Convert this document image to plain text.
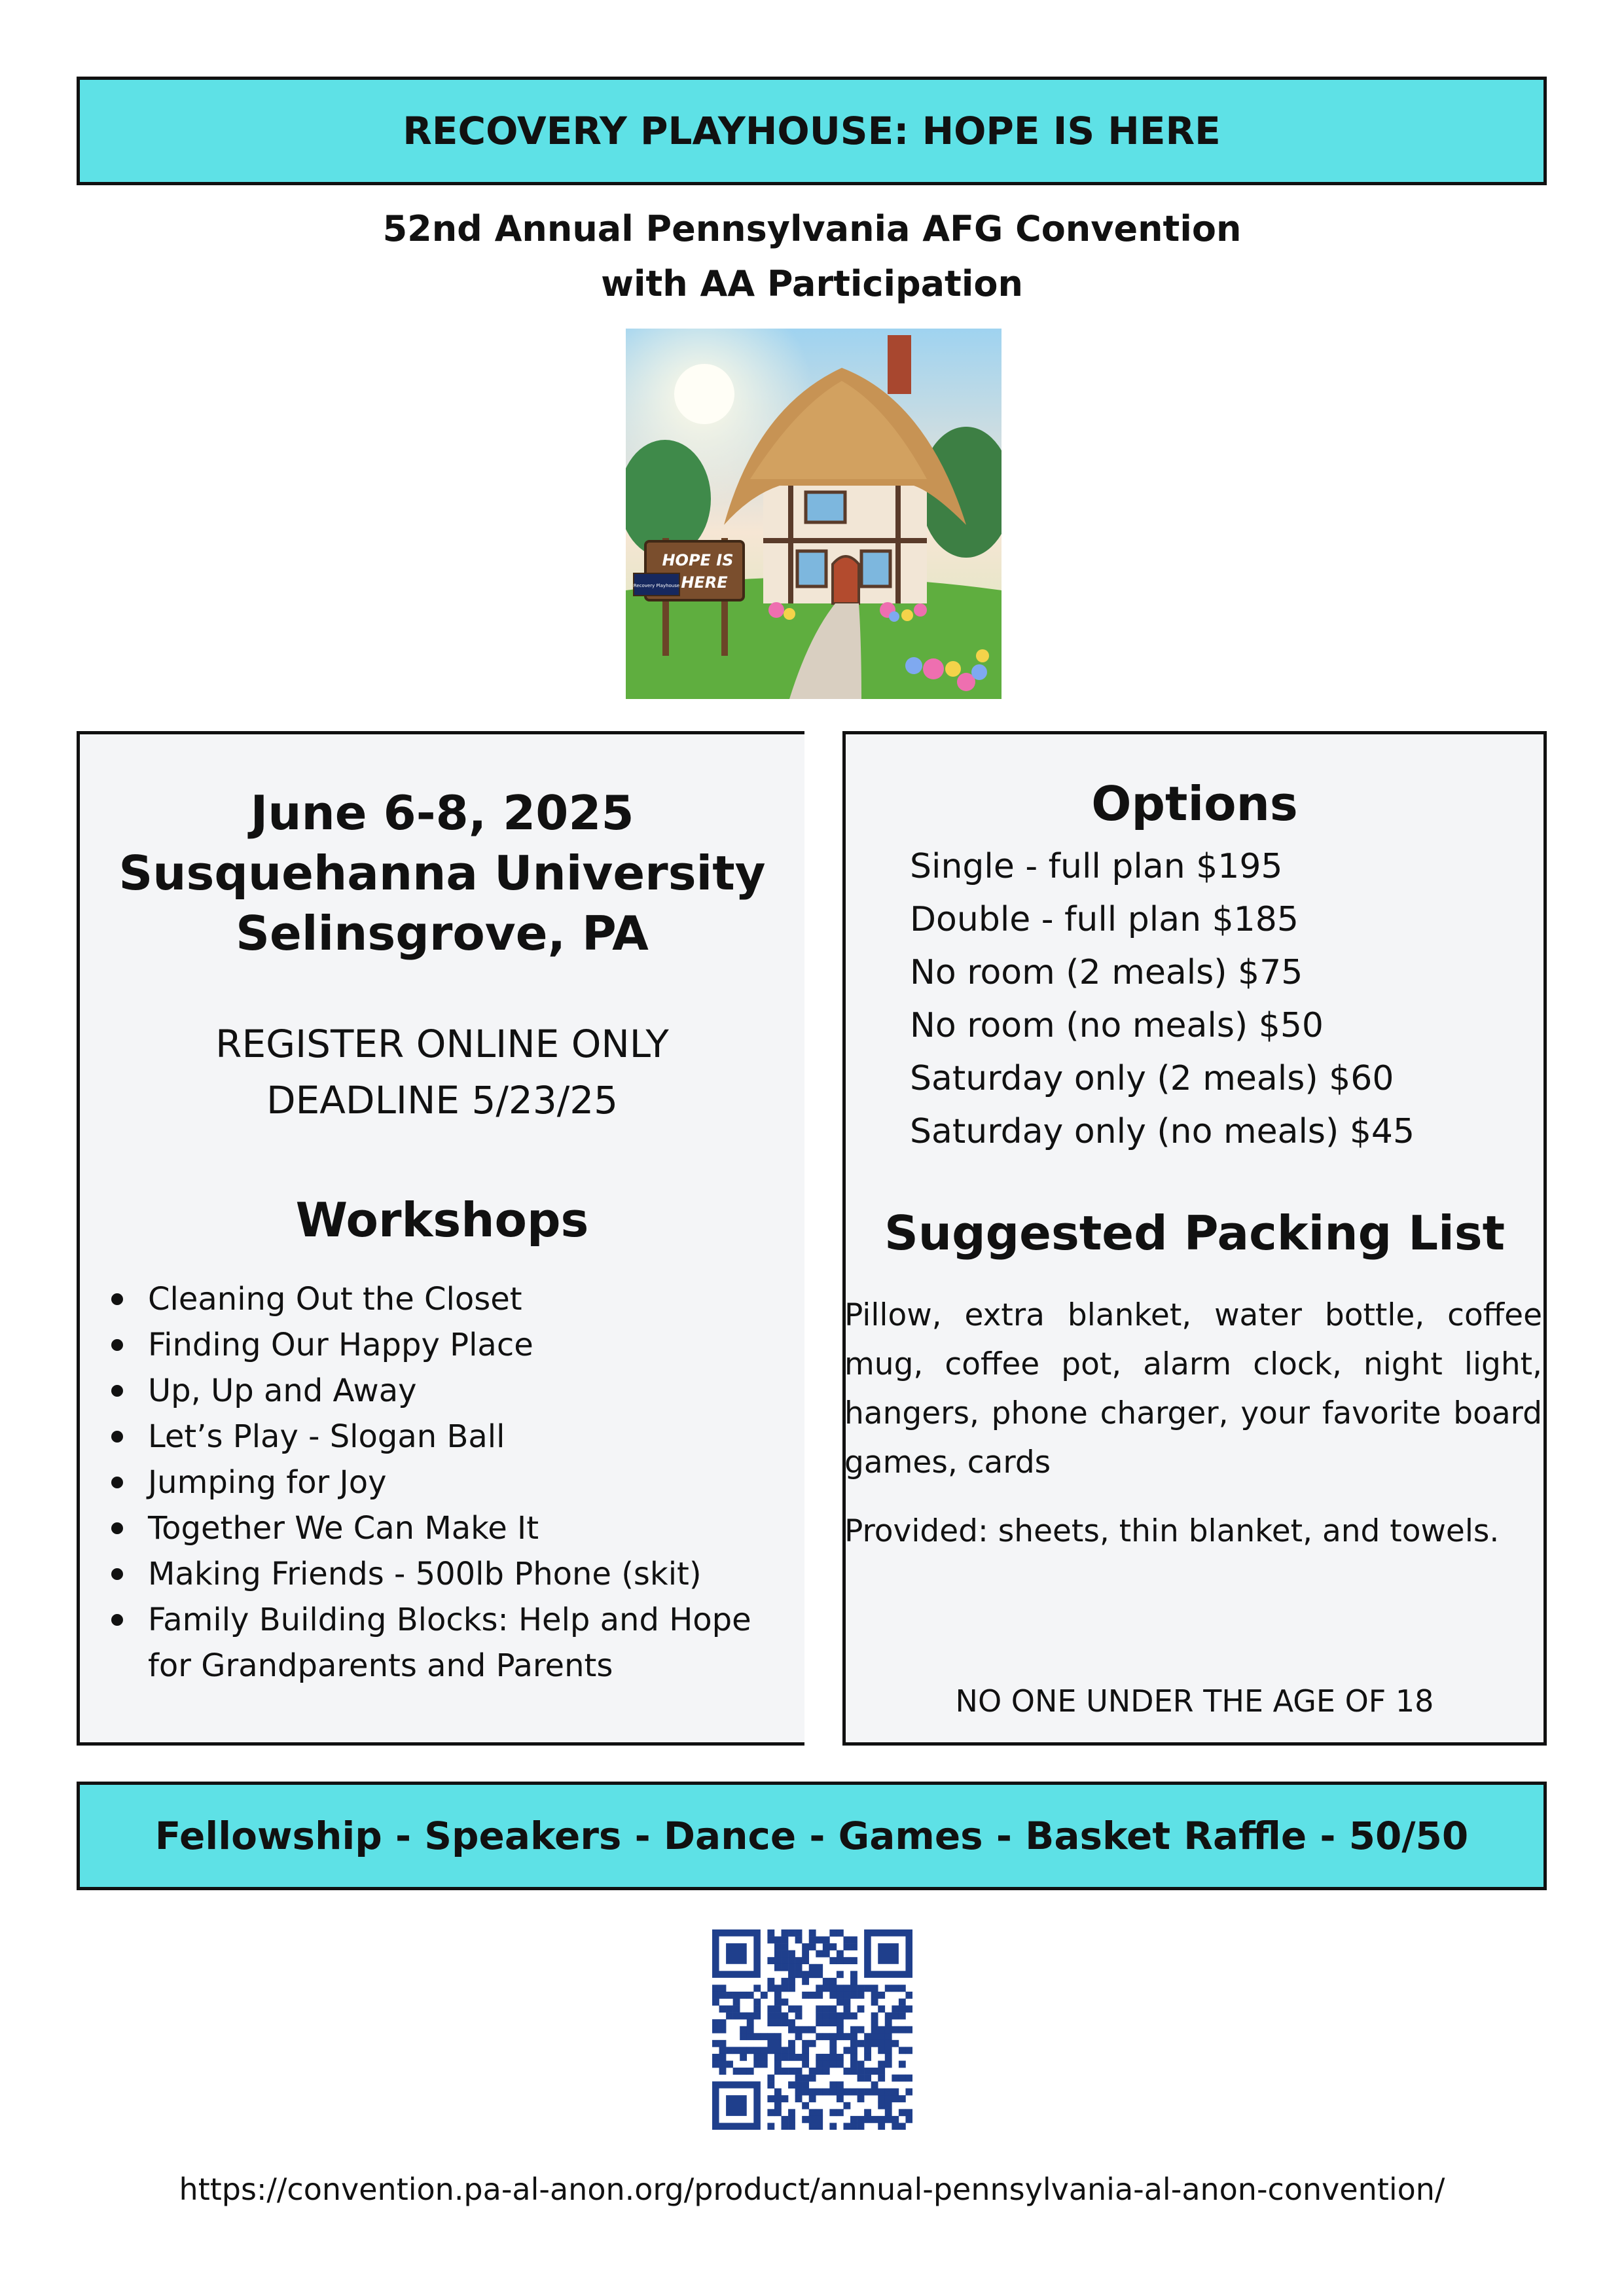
RECOVERY PLAYHOUSE: HOPE IS HERE
52nd Annual Pennsylvania AFG Convention
with AA Participation
HOPE IS
HERE
Recovery Playhouse
June 6-8, 2025
Susquehanna University
Selinsgrove, PA
REGISTER ONLINE ONLY
DEADLINE 5/23/25
Workshops
Cleaning Out the Closet
Finding Our Happy Place
Up, Up and Away
Let’s Play - Slogan Ball
Jumping for Joy
Together We Can Make It
Making Friends - 500lb Phone (skit)
Family Building Blocks: Help and Hope for Grandparents and Parents
Options
Single - full plan $195
Double - full plan $185
No room (2 meals) $75
No room (no meals) $50
Saturday only (2 meals) $60
Saturday only (no meals) $45
Suggested Packing List
Pillow, extra blanket, water bottle, coffee mug, coffee pot, alarm clock, night light, hangers, phone charger, your favorite board games, cards
Provided: sheets, thin blanket, and towels.
NO ONE UNDER THE AGE OF 18
Fellowship - Speakers - Dance - Games - Basket Raffle - 50/50
https://convention.pa-al-anon.org/product/annual-pennsylvania-al-anon-convention/
